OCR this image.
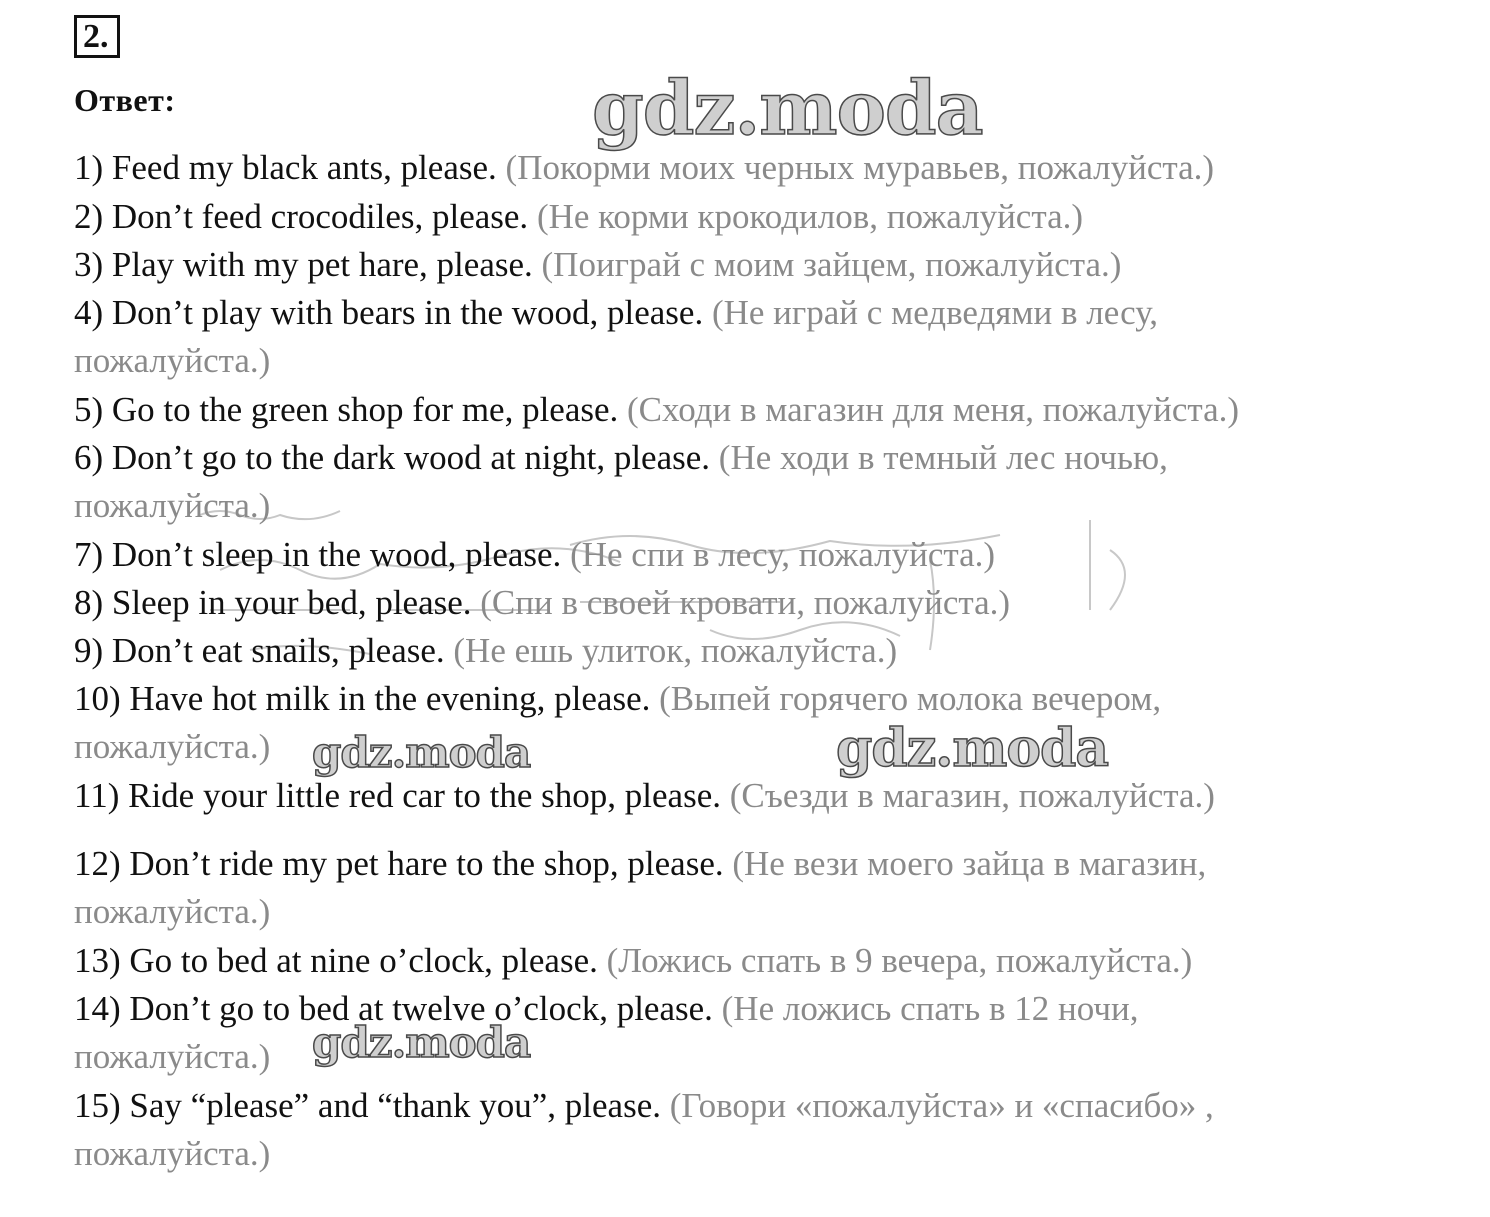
2.
Ответ:	gdz.moda
gdz.moda
gdz.moda
gdz.moda
1) Feed my black ants, please. (Покорми моих черных муравьев, пожалуйста.)
2) Don’t feed crocodiles, please. (Не корми крокодилов, пожалуйста.)
3) Play with my pet hare, please. (Поиграй с моим зайцем, пожалуйста.)
4) Don’t play with bears in the wood, please. (Не играй с медведями в лесу,
пожалуйста.)
5) Go to the green shop for me, please. (Сходи в магазин для меня, пожалуйста.)
6) Don’t go to the dark wood at night, please. (Не ходи в темный лес ночью,
пожалуйста.)
7) Don’t sleep in the wood, please. (Не спи в лесу, пожалуйста.)
8) Sleep in your bed, please. (Спи в своей кровати, пожалуйста.)
9) Don’t eat snails, please. (Не ешь улиток, пожалуйста.)
10) Have hot milk in the evening, please. (Выпей горячего молока вечером,
пожалуйста.)
11) Ride your little red car to the shop, please. (Съезди в магазин, пожалуйста.)
12) Don’t ride my pet hare to the shop, please. (Не вези моего зайца в магазин,
пожалуйста.)
13) Go to bed at nine o’clock, please. (Ложись спать в 9 вечера, пожалуйста.)
14) Don’t go to bed at twelve o’clock, please. (Не ложись спать в 12 ночи,
пожалуйста.)
15) Say “please” and “thank you”, please. (Говори «пожалуйста» и «спасибо» ,
пожалуйста.)
